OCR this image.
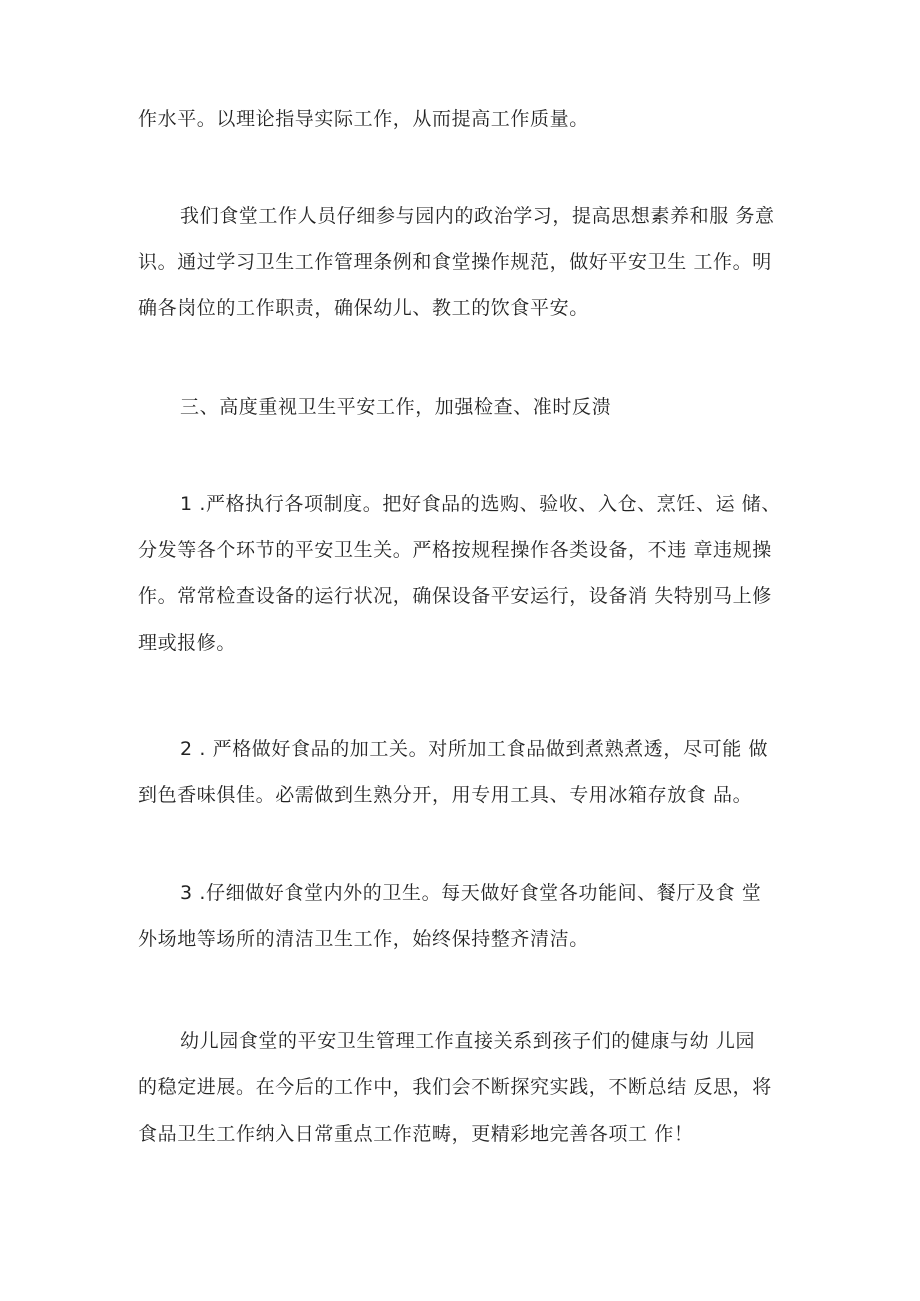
作水平。以理论指导实际工作，从而提高工作质量。
我们食堂工作人员仔细参与园内的政治学习，提高思想素养和服 务意
识。通过学习卫生工作管理条例和食堂操作规范，做好平安卫生 工作。明
确各岗位的工作职责，确保幼儿、教工的饮食平安。
三、高度重视卫生平安工作，加强检查、准时反溃
1 .严格执行各项制度。把好食品的选购、验收、入仓、烹饪、运 储、
分发等各个环节的平安卫生关。严格按规程操作各类设备，不违 章违规操
作。常常检查设备的运行状况，确保设备平安运行，设备消 失特别马上修
理或报修。
2 . 严格做好食品的加工关。对所加工食品做到煮熟煮透，尽可能 做
到色香味俱佳。必需做到生熟分开，用专用工具、专用冰箱存放食 品。
3 .仔细做好食堂内外的卫生。每天做好食堂各功能间、餐厅及食 堂
外场地等场所的清洁卫生工作，始终保持整齐清洁。
幼儿园食堂的平安卫生管理工作直接关系到孩子们的健康与幼 儿园
的稳定进展。在今后的工作中，我们会不断探究实践，不断总结 反思，将
食品卫生工作纳入日常重点工作范畴，更精彩地完善各项工 作！
